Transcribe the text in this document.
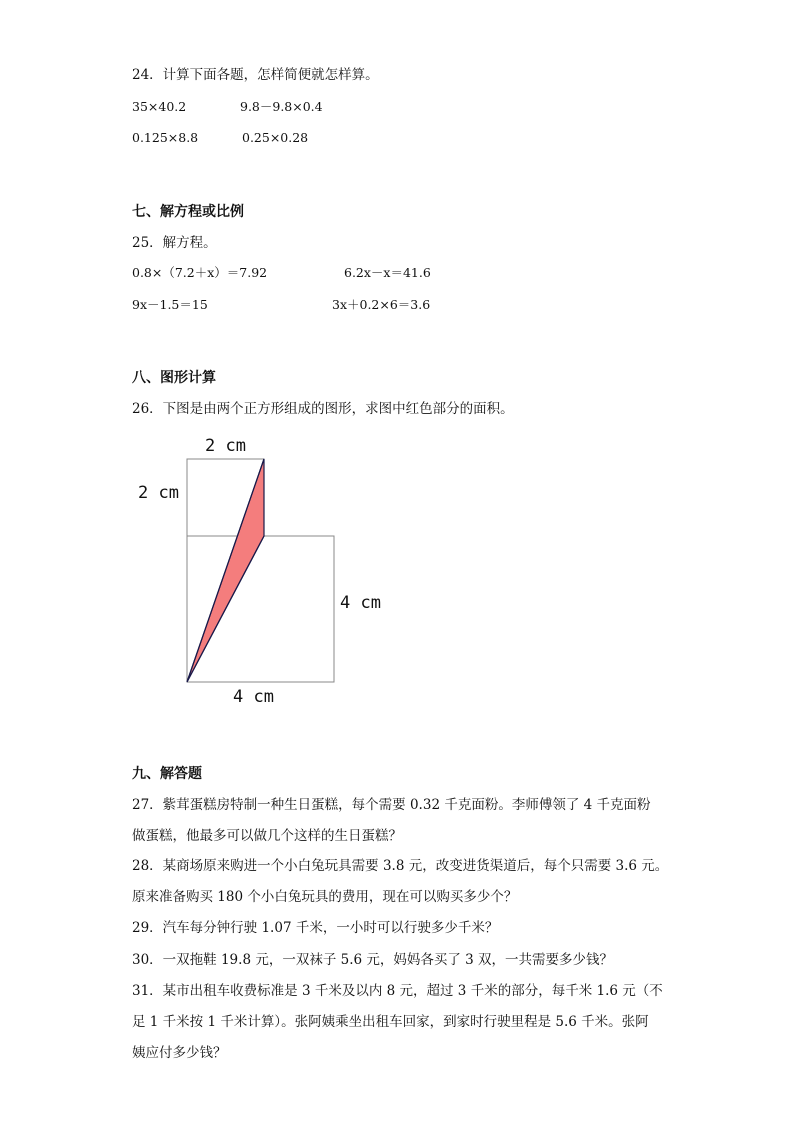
24．计算下面各题，怎样简便就怎样算。
35×40.2	9.8－9.8×0.4
0.125×8.8	0.25×0.28
七、解方程或比例
25．解方程。
0.8×（7.2＋x）＝7.92	6.2x－x＝41.6
9x－1.5＝15	3x＋0.2×6＝3.6
八、图形计算
26．下图是由两个正方形组成的图形，求图中红色部分的面积。
2 cm
2 cm
4 cm
4 cm
九、解答题
27．紫茸蛋糕房特制一种生日蛋糕，每个需要 0.32 千克面粉。李师傅领了 4 千克面粉
做蛋糕，他最多可以做几个这样的生日蛋糕？
28．某商场原来购进一个小白兔玩具需要 3.8 元，改变进货渠道后，每个只需要 3.6 元。
原来准备购买 180 个小白兔玩具的费用，现在可以购买多少个？
29．汽车每分钟行驶 1.07 千米，一小时可以行驶多少千米？
30．一双拖鞋 19.8 元，一双袜子 5.6 元，妈妈各买了 3 双，一共需要多少钱？
31．某市出租车收费标准是 3 千米及以内 8 元，超过 3 千米的部分，每千米 1.6 元（不
足 1 千米按 1 千米计算）。张阿姨乘坐出租车回家，到家时行驶里程是 5.6 千米。张阿
姨应付多少钱？
